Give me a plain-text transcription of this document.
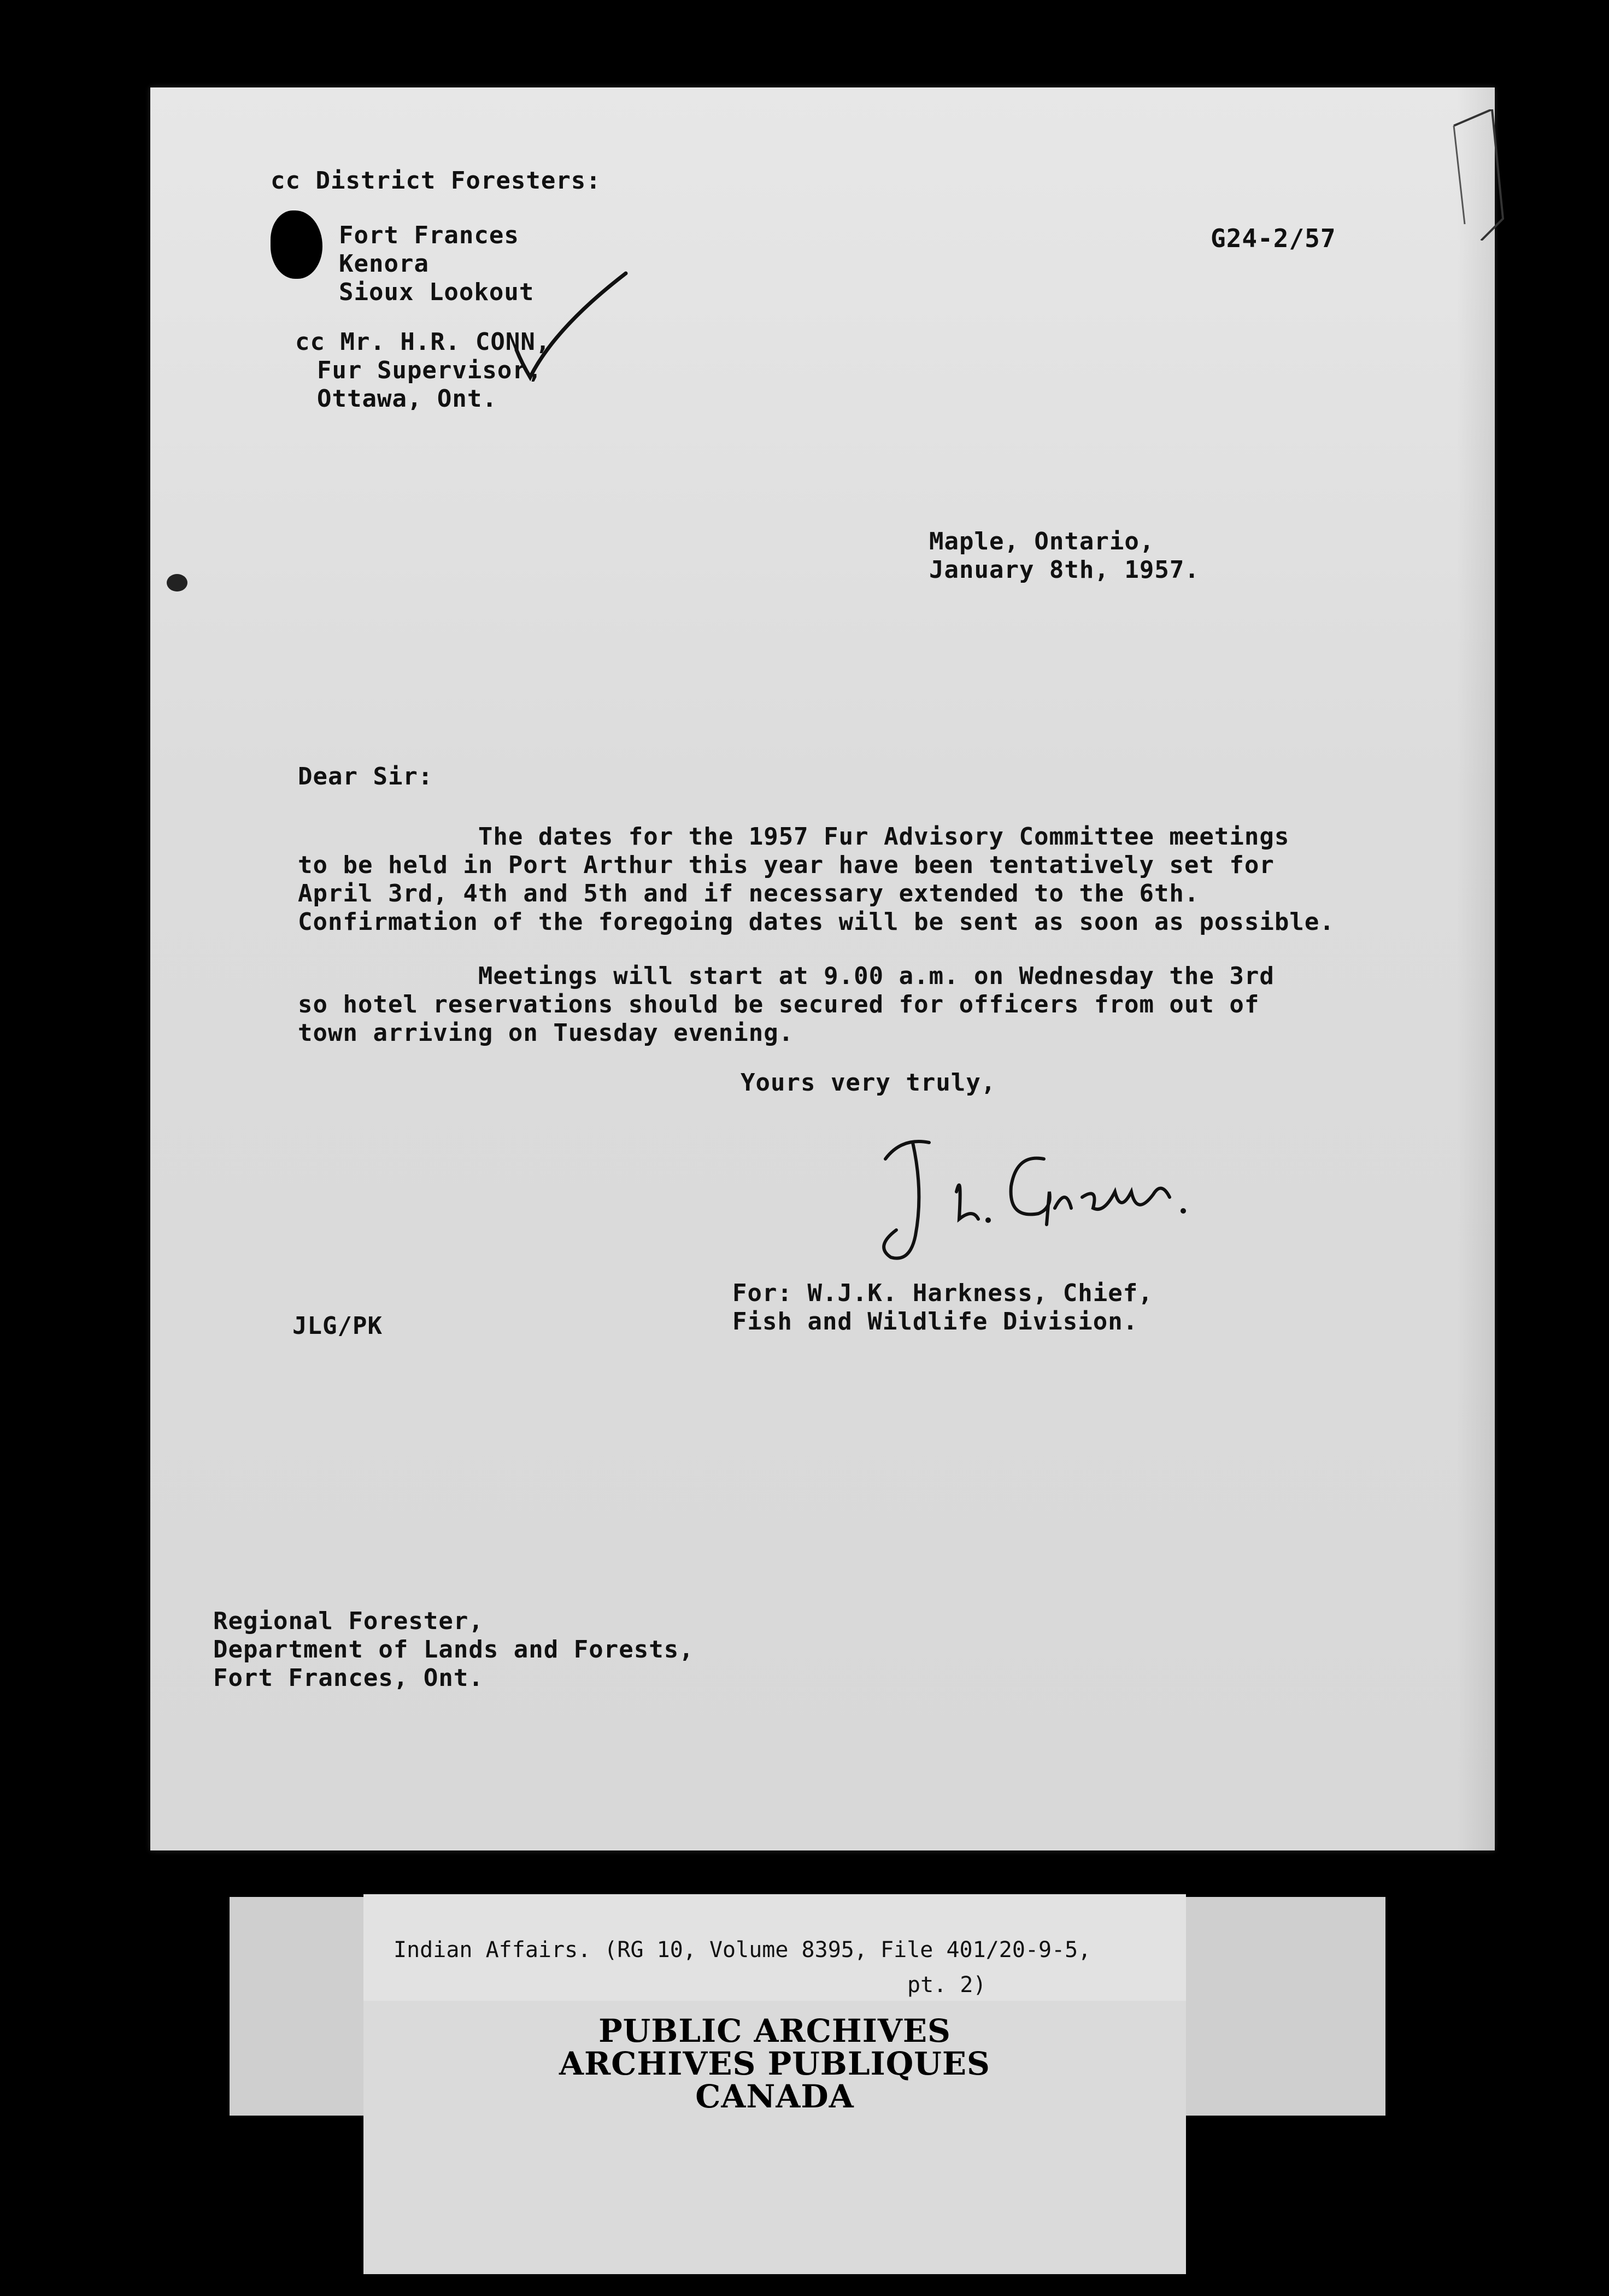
cc District Foresters:
Fort Frances
Kenora
Sioux Lookout
cc Mr. H.R. CONN,
Fur Supervisor,
Ottawa, Ont.
G24-2/57
Maple, Ontario,
January 8th, 1957.
Dear Sir:
The dates for the 1957 Fur Advisory Committee meetings
to be held in Port Arthur this year have been tentatively set for
April 3rd, 4th and 5th and if necessary extended to the 6th.
Confirmation of the foregoing dates will be sent as soon as possible.
Meetings will start at 9.00 a.m. on Wednesday the 3rd
so hotel reservations should be secured for officers from out of
town arriving on Tuesday evening.
Yours very truly,
JLG/PK
For: W.J.K. Harkness, Chief,
Fish and Wildlife Division.
Regional Forester,
Department of Lands and Forests,
Fort Frances, Ont.
Indian Affairs. (RG 10, Volume 8395, File 401/20-9-5,

pt. 2)
PUBLIC ARCHIVES
ARCHIVES PUBLIQUES
CANADA
